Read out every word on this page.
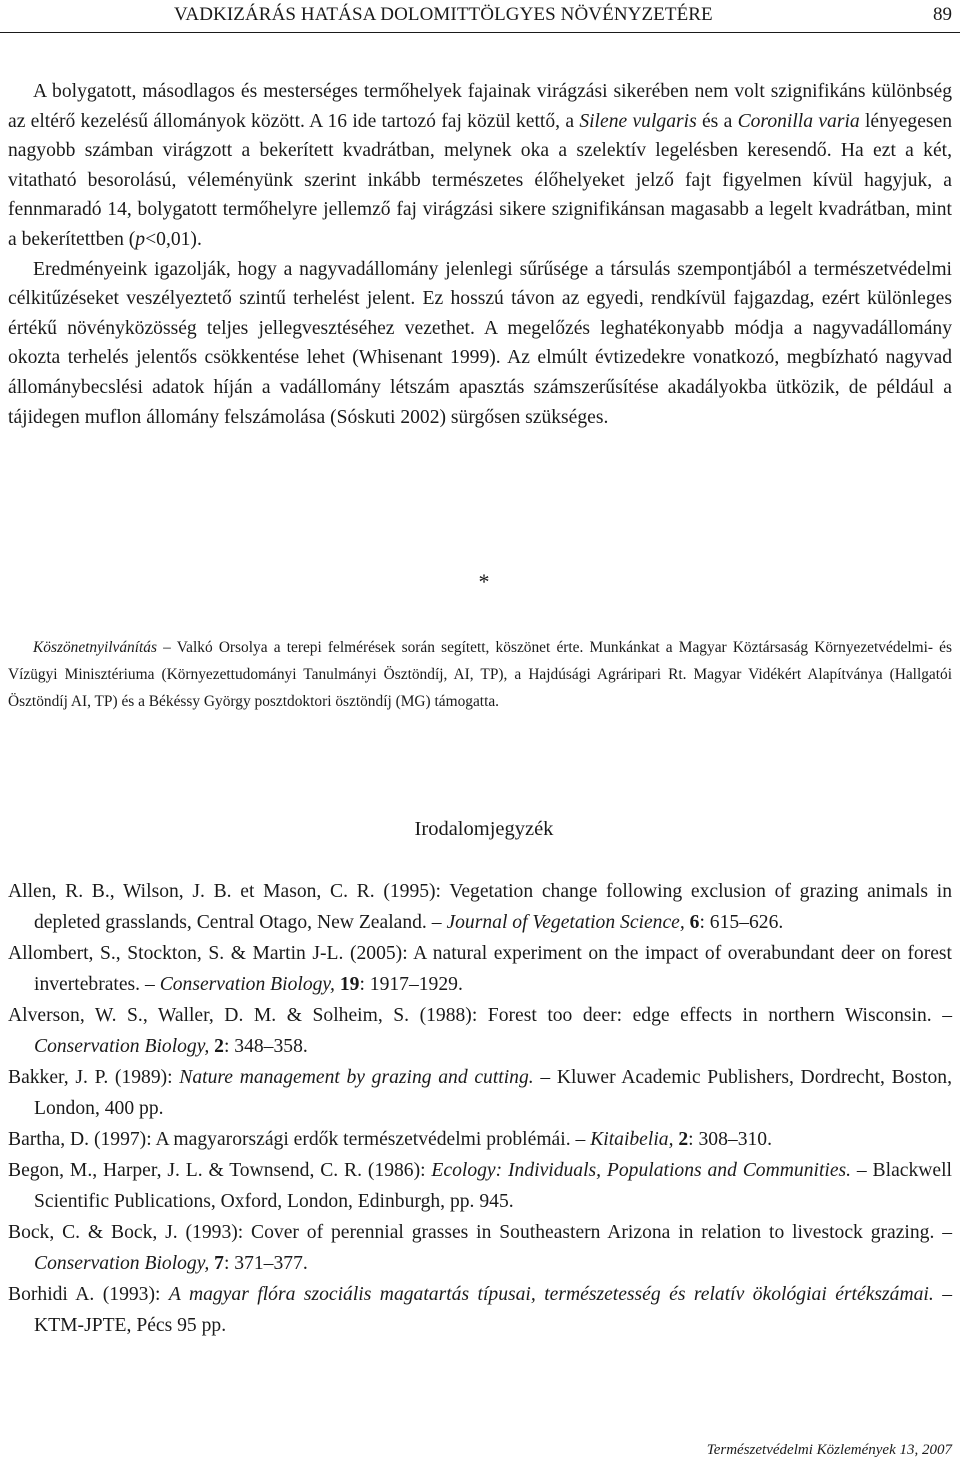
VADKIZÁRÁS HATÁSA DOLOMITTÖLGYES NÖVÉNYZETÉRE	89

A bolygatott, másodlagos és mesterséges termőhelyek fajainak virágzási sikerében nem volt szignifikáns különbség az eltérő kezelésű állományok között. A 16 ide tartozó faj közül kettő, a Silene vulgaris és a Coronilla varia lényegesen nagyobb számban virágzott a bekerített kvadrátban, melynek oka a szelektív legelésben keresendő. Ha ezt a két, vitatható besorolású, véleményünk szerint inkább természetes élőhelyeket jelző fajt figyelmen kívül hagyjuk, a fennmaradó 14, bolygatott termőhelyre jellemző faj virágzási sikere szignifikánsan magasabb a legelt kvadrátban, mint a bekerítettben (p<0,01).

Eredményeink igazolják, hogy a nagyvadállomány jelenlegi sűrűsége a társulás szempontjából a természetvédelmi célkitűzéseket veszélyeztető szintű terhelést jelent. Ez hosszú távon az egyedi, rendkívül fajgazdag, ezért különleges értékű növényközösség teljes jellegvesztéséhez vezethet. A megelőzés leghatékonyabb módja a nagyvadállomány okozta terhelés jelentős csökkentése lehet (Whisenant 1999). Az elmúlt évtizedekre vonatkozó, megbízható nagyvad állománybecslési adatok híján a vadállomány létszám apasztás számszerűsítése akadályokba ütközik, de például a tájidegen muflon állomány felszámolása (Sóskuti 2002) sürgősen szükséges.

*

Köszönetnyilvánítás – Valkó Orsolya a terepi felmérések során segített, köszönet érte. Munkánkat a Magyar Köztársaság Környezetvédelmi- és Vízügyi Minisztériuma (Környezettudományi Tanulmányi Ösztöndíj, AI, TP), a Hajdúsági Agráripari Rt. Magyar Vidékért Alapítványa (Hallgatói Ösztöndíj AI, TP) és a Békéssy György posztdoktori ösztöndíj (MG) támogatta.

Irodalomjegyzék
Allen, R. B., Wilson, J. B. et Mason, C. R. (1995): Vegetation change following exclusion of grazing animals in depleted grasslands, Central Otago, New Zealand. – Journal of Vegetation Science, 6: 615–626.
Allombert, S., Stockton, S. & Martin J-L. (2005): A natural experiment on the impact of overabundant deer on forest invertebrates. – Conservation Biology, 19: 1917–1929.
Alverson, W. S., Waller, D. M. & Solheim, S. (1988): Forest too deer: edge effects in northern Wisconsin. – Conservation Biology, 2: 348–358.
Bakker, J. P. (1989): Nature management by grazing and cutting. – Kluwer Academic Publishers, Dordrecht, Boston, London, 400 pp.
Bartha, D. (1997): A magyarországi erdők természetvédelmi problémái. – Kitaibelia, 2: 308–310.
Begon, M., Harper, J. L. & Townsend, C. R. (1986): Ecology: Individuals, Populations and Communities. – Blackwell Scientific Publications, Oxford, London, Edinburgh, pp. 945.
Bock, C. & Bock, J. (1993): Cover of perennial grasses in Southeastern Arizona in relation to livestock grazing. – Conservation Biology, 7: 371–377.
Borhidi A. (1993): A magyar flóra szociális magatartás típusai, természetesség és relatív ökológiai értékszámai. – KTM-JPTE, Pécs 95 pp.
Természetvédelmi Közlemények 13, 2007
